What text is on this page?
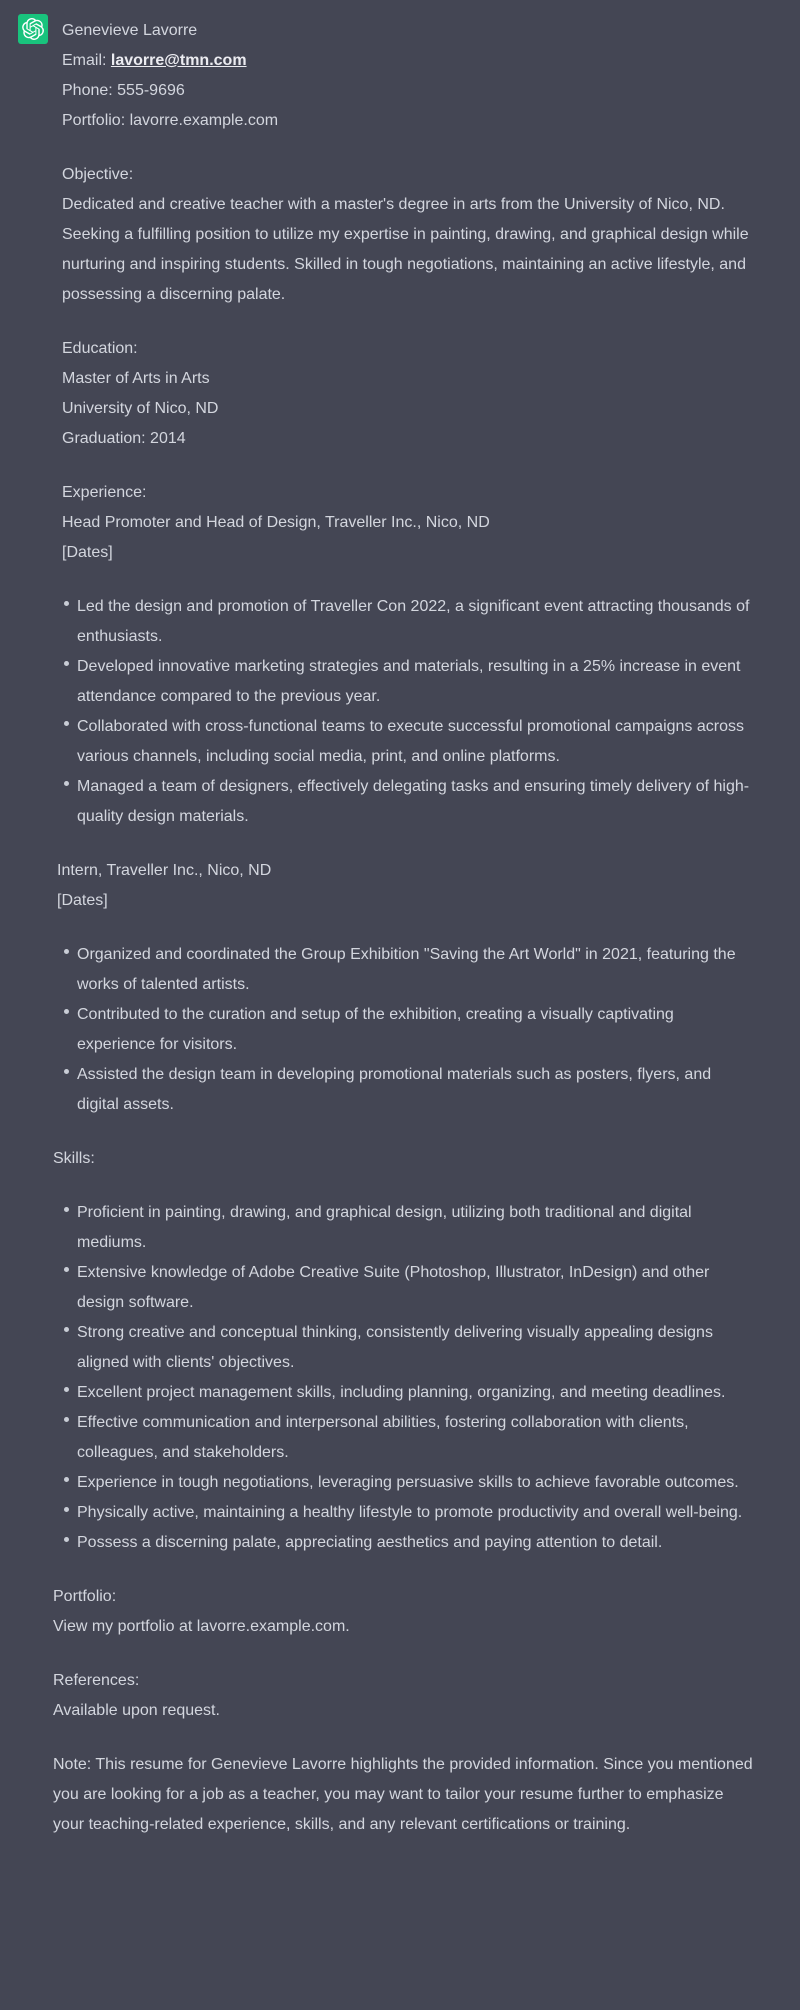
Genevieve Lavorre
Email: lavorre@tmn.com
Phone: 555-9696
Portfolio: lavorre.example.com

Objective:
Dedicated and creative teacher with a master's degree in arts from the University of Nico, ND. Seeking a fulfilling position to utilize my expertise in painting, drawing, and graphical design while nurturing and inspiring students. Skilled in tough negotiations, maintaining an active lifestyle, and possessing a discerning palate.

Education:
Master of Arts in Arts
University of Nico, ND
Graduation: 2014

Experience:
Head Promoter and Head of Design, Traveller Inc., Nico, ND
[Dates]

Led the design and promotion of Traveller Con 2022, a significant event attracting thousands of enthusiasts.
Developed innovative marketing strategies and materials, resulting in a 25% increase in event attendance compared to the previous year.
Collaborated with cross-functional teams to execute successful promotional campaigns across various channels, including social media, print, and online platforms.
Managed a team of designers, effectively delegating tasks and ensuring timely delivery of high-quality design materials.

Intern, Traveller Inc., Nico, ND
[Dates]

Organized and coordinated the Group Exhibition "Saving the Art World" in 2021, featuring the works of talented artists.
Contributed to the curation and setup of the exhibition, creating a visually captivating experience for visitors.
Assisted the design team in developing promotional materials such as posters, flyers, and digital assets.

Skills:

Proficient in painting, drawing, and graphical design, utilizing both traditional and digital mediums.
Extensive knowledge of Adobe Creative Suite (Photoshop, Illustrator, InDesign) and other design software.
Strong creative and conceptual thinking, consistently delivering visually appealing designs aligned with clients' objectives.
Excellent project management skills, including planning, organizing, and meeting deadlines.
Effective communication and interpersonal abilities, fostering collaboration with clients, colleagues, and stakeholders.
Experience in tough negotiations, leveraging persuasive skills to achieve favorable outcomes.
Physically active, maintaining a healthy lifestyle to promote productivity and overall well-being.
Possess a discerning palate, appreciating aesthetics and paying attention to detail.

Portfolio:
View my portfolio at lavorre.example.com.

References:
Available upon request.

Note: This resume for Genevieve Lavorre highlights the provided information. Since you mentioned you are looking for a job as a teacher, you may want to tailor your resume further to emphasize your teaching-related experience, skills, and any relevant certifications or training.
